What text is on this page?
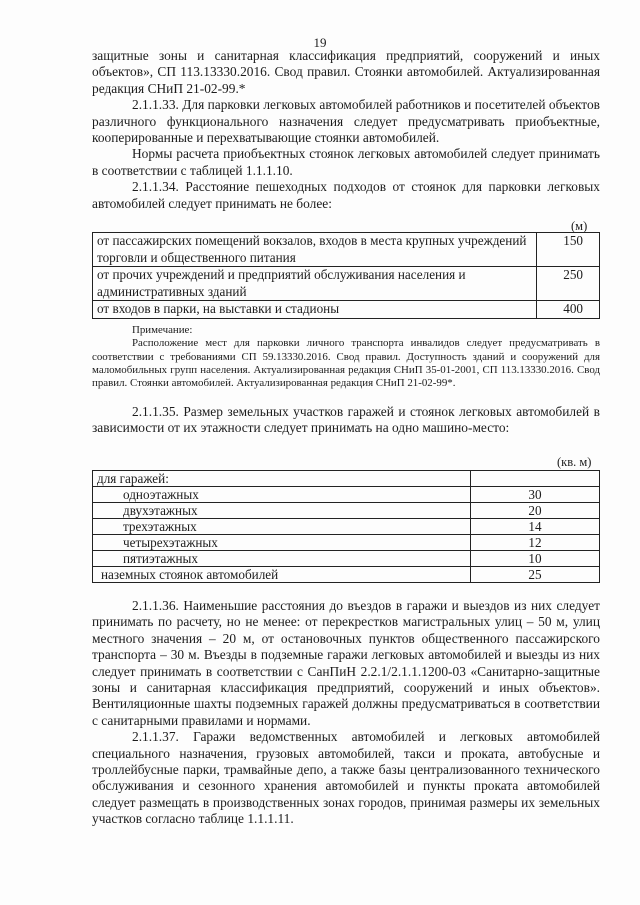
19

защитные зоны и санитарная классификация предприятий, сооружений и иных объектов», СП 113.13330.2016. Свод правил. Стоянки автомобилей. Актуализированная редакция СНиП 21-02-99.*

2.1.1.33. Для парковки легковых автомобилей работников и посетителей объектов различного функционального назначения следует предусматривать приобъектные, кооперированные и перехватывающие стоянки автомобилей.

Нормы расчета приобъектных стоянок легковых автомобилей следует принимать в соответствии с таблицей 1.1.1.10.

2.1.1.34. Расстояние пешеходных подходов от стоянок для парковки легковых автомобилей следует принимать не более:

(м)
от пассажирских помещений вокзалов, входов в места крупных учреждений торговли и общественного питания	150
от прочих учреждений и предприятий обслуживания населения и административных зданий	250
от входов в парки, на выставки и стадионы	400

Примечание:

Расположение мест для парковки личного транспорта инвалидов следует предусматривать в соответствии с требованиями СП 59.13330.2016. Свод правил. Доступность зданий и сооружений для маломобильных групп населения. Актуализированная редакция СНиП 35-01-2001, СП 113.13330.2016. Свод правил. Стоянки автомобилей. Актуализированная редакция СНиП 21-02-99*.

2.1.1.35. Размер земельных участков гаражей и стоянок легковых автомобилей в зависимости от их этажности следует принимать на одно машино-место:

(кв. м)
для гаражей:	
одноэтажных	30
двухэтажных	20
трехэтажных	14
четырехэтажных	12
пятиэтажных	10
наземных стоянок автомобилей	25

2.1.1.36. Наименьшие расстояния до въездов в гаражи и выездов из них следует принимать по расчету, но не менее: от перекрестков магистральных улиц – 50 м, улиц местного значения – 20 м, от остановочных пунктов общественного пассажирского транспорта – 30 м. Въезды в подземные гаражи легковых автомобилей и выезды из них следует принимать в соответствии с СанПиН 2.2.1/2.1.1.1200-03 «Санитарно-защитные зоны и санитарная классификация предприятий, сооружений и иных объектов». Вентиляционные шахты подземных гаражей должны предусматриваться в соответствии с санитарными правилами и нормами.

2.1.1.37. Гаражи ведомственных автомобилей и легковых автомобилей специального назначения, грузовых автомобилей, такси и проката, автобусные и троллейбусные парки, трамвайные депо, а также базы централизованного технического обслуживания и сезонного хранения автомобилей и пункты проката автомобилей следует размещать в производственных зонах городов, принимая размеры их земельных участков согласно таблице 1.1.1.11.
